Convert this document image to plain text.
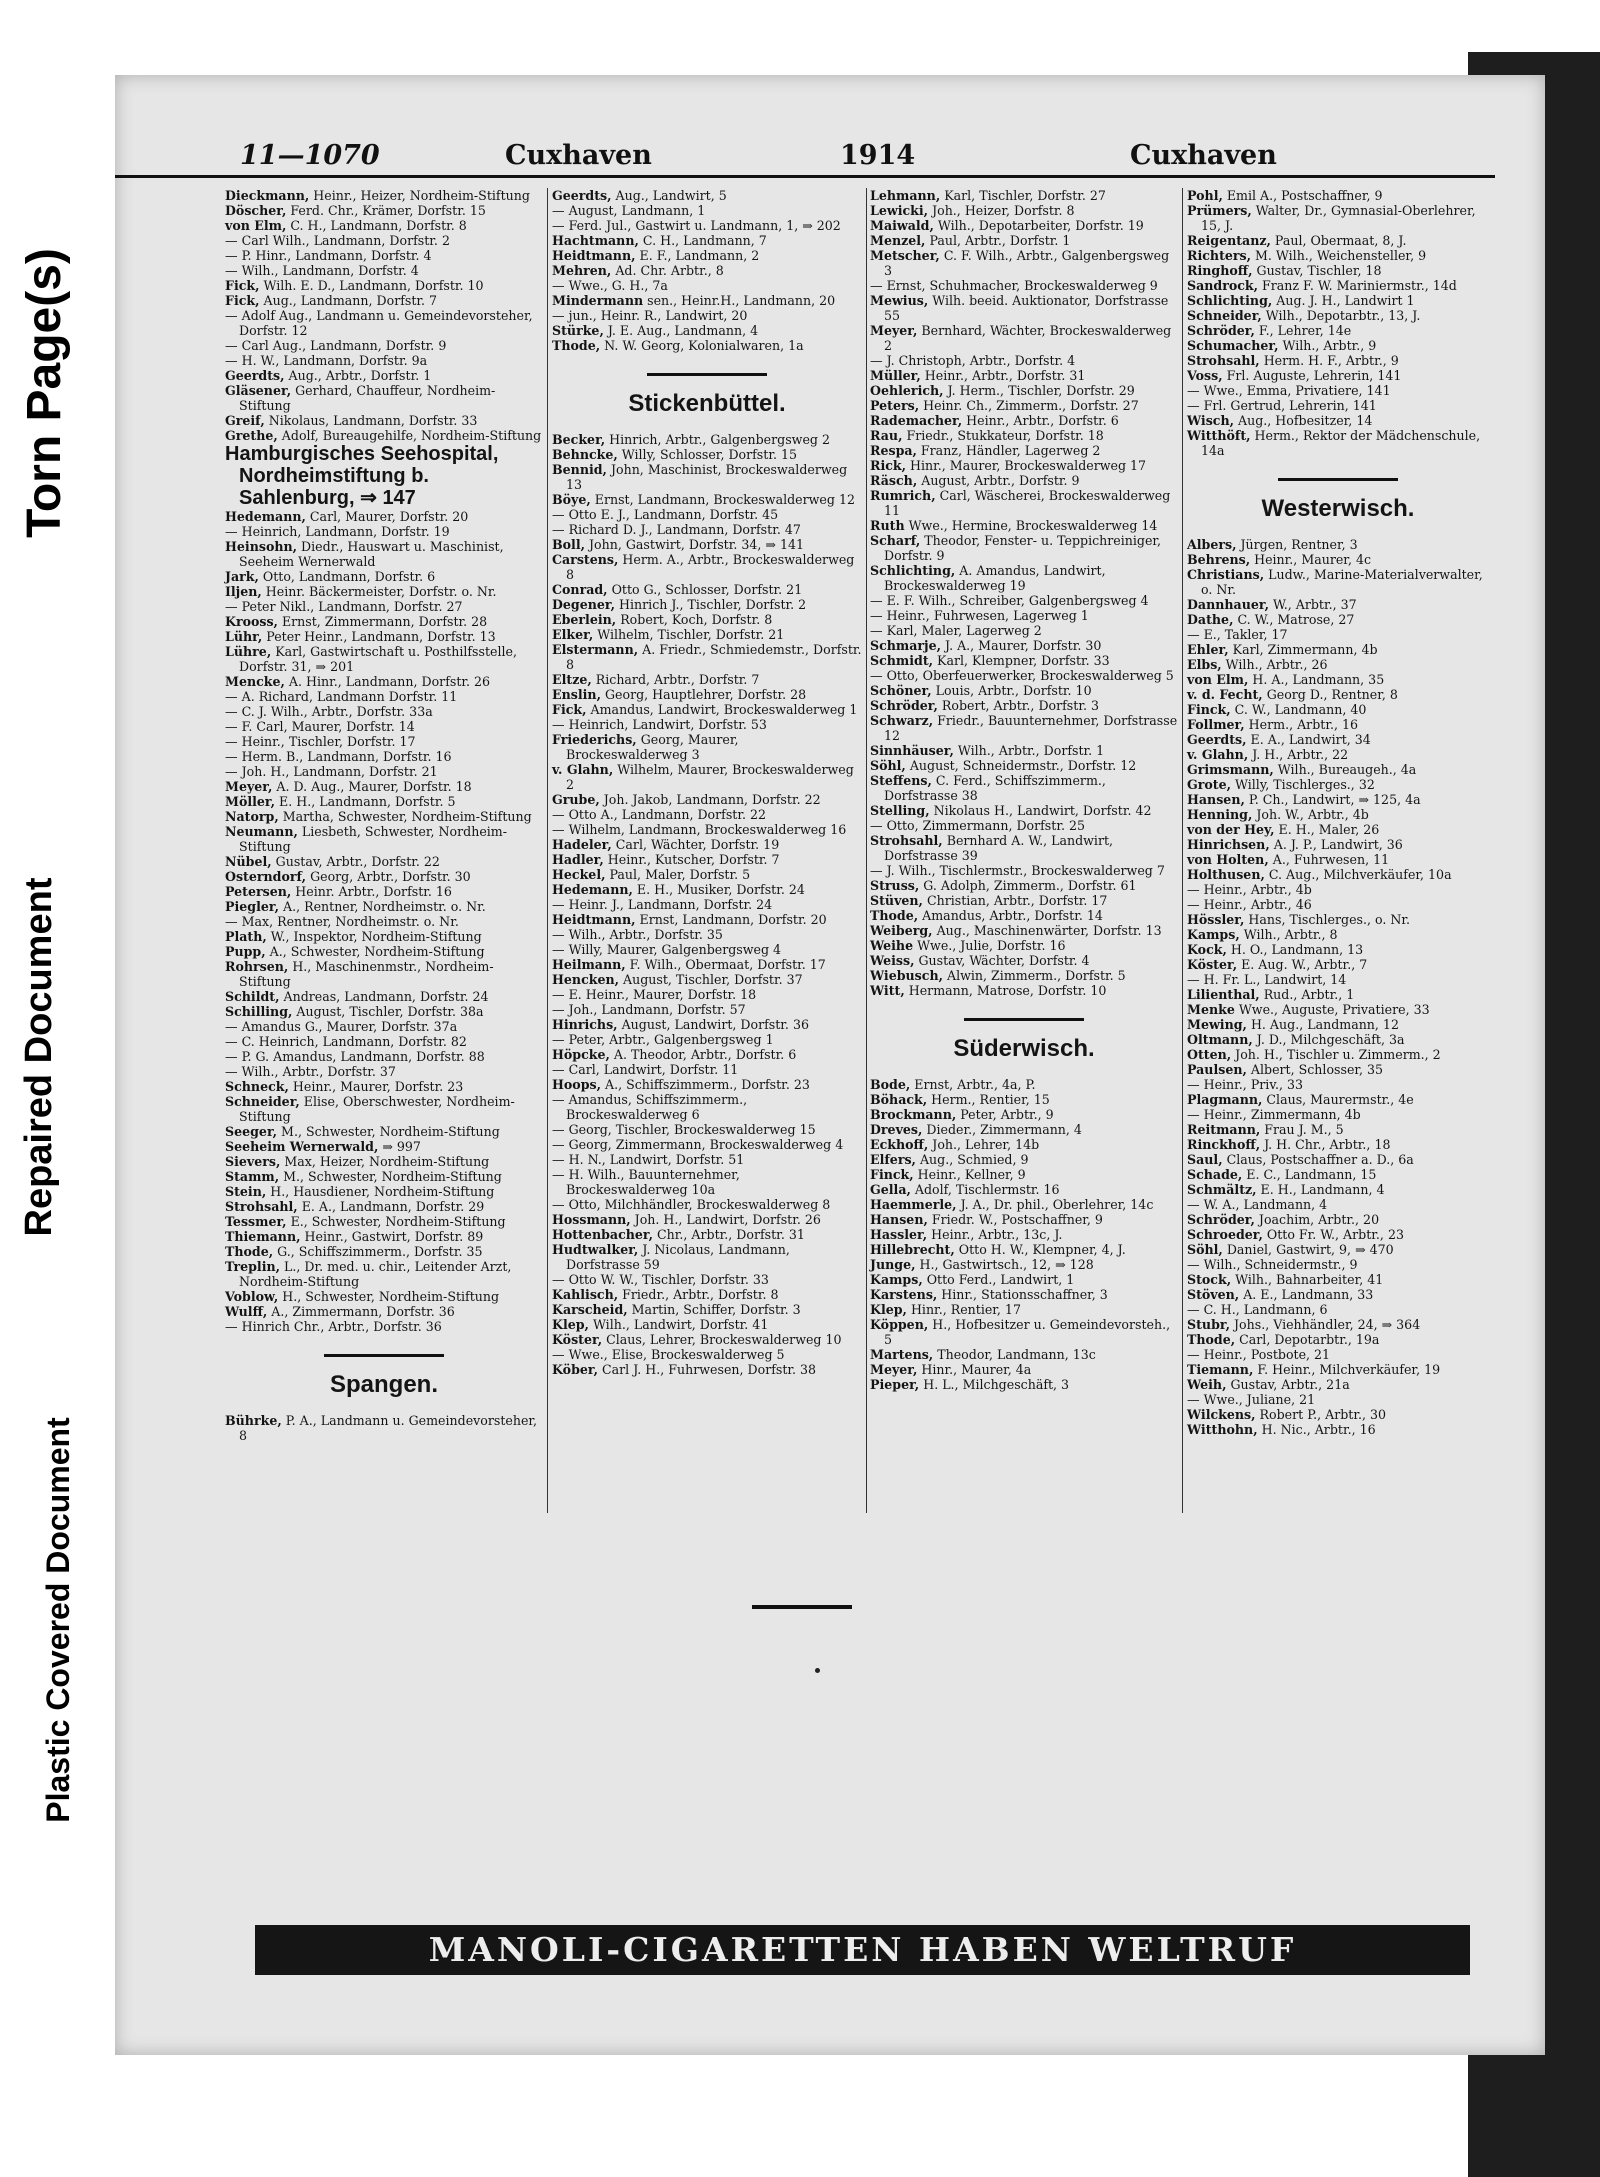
Torn Page(s)
Repaired Document
Plastic Covered Document
11—1070	Cuxhaven	1914	Cuxhaven

Dieckmann, Heinr., Heizer, Nordheim-Stiftung

Döscher, Ferd. Chr., Krämer, Dorfstr. 15

von Elm, C. H., Landmann, Dorfstr. 8

— Carl Wilh., Landmann, Dorfstr. 2

— P. Hinr., Landmann, Dorfstr. 4

— Wilh., Landmann, Dorfstr. 4

Fick, Wilh. E. D., Landmann, Dorfstr. 10

Fick, Aug., Landmann, Dorfstr. 7

— Adolf Aug., Landmann u. Gemeindevorsteher, Dorfstr. 12

— Carl Aug., Landmann, Dorfstr. 9

— H. W., Landmann, Dorfstr. 9a

Geerdts, Aug., Arbtr., Dorfstr. 1

Gläsener, Gerhard, Chauffeur, Nordheim-Stiftung

Greif, Nikolaus, Landmann, Dorfstr. 33

Grethe, Adolf, Bureaugehilfe, Nordheim-Stiftung

Hamburgisches Seehospital, Nordheimstiftung b. Sahlenburg, ⇒ 147

Hedemann, Carl, Maurer, Dorfstr. 20

— Heinrich, Landmann, Dorfstr. 19

Heinsohn, Diedr., Hauswart u. Maschinist, Seeheim Wernerwald

Jark, Otto, Landmann, Dorfstr. 6

Iljen, Heinr. Bäckermeister, Dorfstr. o. Nr.

— Peter Nikl., Landmann, Dorfstr. 27

Krooss, Ernst, Zimmermann, Dorfstr. 28

Lühr, Peter Heinr., Landmann, Dorfstr. 13

Lühre, Karl, Gastwirtschaft u. Posthilfsstelle, Dorfstr. 31, ⇒ 201

Mencke, A. Hinr., Landmann, Dorfstr. 26

— A. Richard, Landmann Dorfstr. 11

— C. J. Wilh., Arbtr., Dorfstr. 33a

— F. Carl, Maurer, Dorfstr. 14

— Heinr., Tischler, Dorfstr. 17

— Herm. B., Landmann, Dorfstr. 16

— Joh. H., Landmann, Dorfstr. 21

Meyer, A. D. Aug., Maurer, Dorfstr. 18

Möller, E. H., Landmann, Dorfstr. 5

Natorp, Martha, Schwester, Nordheim-Stiftung

Neumann, Liesbeth, Schwester, Nordheim-Stiftung

Nübel, Gustav, Arbtr., Dorfstr. 22

Osterndorf, Georg, Arbtr., Dorfstr. 30

Petersen, Heinr. Arbtr., Dorfstr. 16

Piegler, A., Rentner, Nordheimstr. o. Nr.

— Max, Rentner, Nordheimstr. o. Nr.

Plath, W., Inspektor, Nordheim-Stiftung

Pupp, A., Schwester, Nordheim-Stiftung

Rohrsen, H., Maschinenmstr., Nordheim-Stiftung

Schildt, Andreas, Landmann, Dorfstr. 24

Schilling, August, Tischler, Dorfstr. 38a

— Amandus G., Maurer, Dorfstr. 37a

— C. Heinrich, Landmann, Dorfstr. 82

— P. G. Amandus, Landmann, Dorfstr. 88

— Wilh., Arbtr., Dorfstr. 37

Schneck, Heinr., Maurer, Dorfstr. 23

Schneider, Elise, Oberschwester, Nordheim-Stiftung

Seeger, M., Schwester, Nordheim-Stiftung

Seeheim Wernerwald, ⇒ 997

Sievers, Max, Heizer, Nordheim-Stiftung

Stamm, M., Schwester, Nordheim-Stiftung

Stein, H., Hausdiener, Nordheim-Stiftung

Strohsahl, E. A., Landmann, Dorfstr. 29

Tessmer, E., Schwester, Nordheim-Stiftung

Thiemann, Heinr., Gastwirt, Dorfstr. 89

Thode, G., Schiffszimmerm., Dorfstr. 35

Treplin, L., Dr. med. u. chir., Leitender Arzt, Nordheim-Stiftung

Voblow, H., Schwester, Nordheim-Stiftung

Wulff, A., Zimmermann, Dorfstr. 36

— Hinrich Chr., Arbtr., Dorfstr. 36

Spangen.

Bührke, P. A., Landmann u. Gemeindevorsteher, 8

Geerdts, Aug., Landwirt, 5

— August, Landmann, 1

— Ferd. Jul., Gastwirt u. Landmann, 1, ⇒ 202

Hachtmann, C. H., Landmann, 7

Heidtmann, E. F., Landmann, 2

Mehren, Ad. Chr. Arbtr., 8

— Wwe., G. H., 7a

Mindermann sen., Heinr.H., Landmann, 20

— jun., Heinr. R., Landwirt, 20

Stürke, J. E. Aug., Landmann, 4

Thode, N. W. Georg, Kolonialwaren, 1a

Stickenbüttel.

Becker, Hinrich, Arbtr., Galgenbergsweg 2

Behncke, Willy, Schlosser, Dorfstr. 15

Bennid, John, Maschinist, Brockeswalderweg 13

Böye, Ernst, Landmann, Brockeswalderweg 12

— Otto E. J., Landmann, Dorfstr. 45

— Richard D. J., Landmann, Dorfstr. 47

Boll, John, Gastwirt, Dorfstr. 34, ⇒ 141

Carstens, Herm. A., Arbtr., Brockeswalderweg 8

Conrad, Otto G., Schlosser, Dorfstr. 21

Degener, Hinrich J., Tischler, Dorfstr. 2

Eberlein, Robert, Koch, Dorfstr. 8

Elker, Wilhelm, Tischler, Dorfstr. 21

Elstermann, A. Friedr., Schmiedemstr., Dorfstr. 8

Eltze, Richard, Arbtr., Dorfstr. 7

Enslin, Georg, Hauptlehrer, Dorfstr. 28

Fick, Amandus, Landwirt, Brockeswalderweg 1

— Heinrich, Landwirt, Dorfstr. 53

Friederichs, Georg, Maurer, Brockeswalderweg 3

v. Glahn, Wilhelm, Maurer, Brockeswalderweg 2

Grube, Joh. Jakob, Landmann, Dorfstr. 22

— Otto A., Landmann, Dorfstr. 22

— Wilhelm, Landmann, Brockeswalderweg 16

Hadeler, Carl, Wächter, Dorfstr. 19

Hadler, Heinr., Kutscher, Dorfstr. 7

Heckel, Paul, Maler, Dorfstr. 5

Hedemann, E. H., Musiker, Dorfstr. 24

— Heinr. J., Landmann, Dorfstr. 24

Heidtmann, Ernst, Landmann, Dorfstr. 20

— Wilh., Arbtr., Dorfstr. 35

— Willy, Maurer, Galgenbergsweg 4

Heilmann, F. Wilh., Obermaat, Dorfstr. 17

Hencken, August, Tischler, Dorfstr. 37

— E. Heinr., Maurer, Dorfstr. 18

— Joh., Landmann, Dorfstr. 57

Hinrichs, August, Landwirt, Dorfstr. 36

— Peter, Arbtr., Galgenbergsweg 1

Höpcke, A. Theodor, Arbtr., Dorfstr. 6

— Carl, Landwirt, Dorfstr. 11

Hoops, A., Schiffszimmerm., Dorfstr. 23

— Amandus, Schiffszimmerm., Brockeswalderweg 6

— Georg, Tischler, Brockeswalderweg 15

— Georg, Zimmermann, Brockeswalderweg 4

— H. N., Landwirt, Dorfstr. 51

— H. Wilh., Bauunternehmer, Brockeswalderweg 10a

— Otto, Milchhändler, Brockeswalderweg 8

Hossmann, Joh. H., Landwirt, Dorfstr. 26

Hottenbacher, Chr., Arbtr., Dorfstr. 31

Hudtwalker, J. Nicolaus, Landmann, Dorfstrasse 59

— Otto W. W., Tischler, Dorfstr. 33

Kahlisch, Friedr., Arbtr., Dorfstr. 8

Karscheid, Martin, Schiffer, Dorfstr. 3

Klep, Wilh., Landwirt, Dorfstr. 41

Köster, Claus, Lehrer, Brockeswalderweg 10

— Wwe., Elise, Brockeswalderweg 5

Köber, Carl J. H., Fuhrwesen, Dorfstr. 38

Lehmann, Karl, Tischler, Dorfstr. 27

Lewicki, Joh., Heizer, Dorfstr. 8

Maiwald, Wilh., Depotarbeiter, Dorfstr. 19

Menzel, Paul, Arbtr., Dorfstr. 1

Metscher, C. F. Wilh., Arbtr., Galgenbergsweg 3

— Ernst, Schuhmacher, Brockeswalderweg 9

Mewius, Wilh. beeid. Auktionator, Dorfstrasse 55

Meyer, Bernhard, Wächter, Brockeswalderweg 2

— J. Christoph, Arbtr., Dorfstr. 4

Müller, Heinr., Arbtr., Dorfstr. 31

Oehlerich, J. Herm., Tischler, Dorfstr. 29

Peters, Heinr. Ch., Zimmerm., Dorfstr. 27

Rademacher, Heinr., Arbtr., Dorfstr. 6

Rau, Friedr., Stukkateur, Dorfstr. 18

Respa, Franz, Händler, Lagerweg 2

Rick, Hinr., Maurer, Brockeswalderweg 17

Räsch, August, Arbtr., Dorfstr. 9

Rumrich, Carl, Wäscherei, Brockeswalderweg 11

Ruth Wwe., Hermine, Brockeswalderweg 14

Scharf, Theodor, Fenster- u. Teppichreiniger, Dorfstr. 9

Schlichting, A. Amandus, Landwirt, Brockeswalderweg 19

— E. F. Wilh., Schreiber, Galgenbergsweg 4

— Heinr., Fuhrwesen, Lagerweg 1

— Karl, Maler, Lagerweg 2

Schmarje, J. A., Maurer, Dorfstr. 30

Schmidt, Karl, Klempner, Dorfstr. 33

— Otto, Oberfeuerwerker, Brockeswalderweg 5

Schöner, Louis, Arbtr., Dorfstr. 10

Schröder, Robert, Arbtr., Dorfstr. 3

Schwarz, Friedr., Bauunternehmer, Dorfstrasse 12

Sinnhäuser, Wilh., Arbtr., Dorfstr. 1

Söhl, August, Schneidermstr., Dorfstr. 12

Steffens, C. Ferd., Schiffszimmerm., Dorfstrasse 38

Stelling, Nikolaus H., Landwirt, Dorfstr. 42

— Otto, Zimmermann, Dorfstr. 25

Strohsahl, Bernhard A. W., Landwirt, Dorfstrasse 39

— J. Wilh., Tischlermstr., Brockeswalderweg 7

Struss, G. Adolph, Zimmerm., Dorfstr. 61

Stüven, Christian, Arbtr., Dorfstr. 17

Thode, Amandus, Arbtr., Dorfstr. 14

Weiberg, Aug., Maschinenwärter, Dorfstr. 13

Weihe Wwe., Julie, Dorfstr. 16

Weiss, Gustav, Wächter, Dorfstr. 4

Wiebusch, Alwin, Zimmerm., Dorfstr. 5

Witt, Hermann, Matrose, Dorfstr. 10

Süderwisch.

Bode, Ernst, Arbtr., 4a, P.

Böhack, Herm., Rentier, 15

Brockmann, Peter, Arbtr., 9

Dreves, Dieder., Zimmermann, 4

Eckhoff, Joh., Lehrer, 14b

Elfers, Aug., Schmied, 9

Finck, Heinr., Kellner, 9

Gella, Adolf, Tischlermstr. 16

Haemmerle, J. A., Dr. phil., Oberlehrer, 14c

Hansen, Friedr. W., Postschaffner, 9

Hassler, Heinr., Arbtr., 13c, J.

Hillebrecht, Otto H. W., Klempner, 4, J.

Junge, H., Gastwirtsch., 12, ⇒ 128

Kamps, Otto Ferd., Landwirt, 1

Karstens, Hinr., Stationsschaffner, 3

Klep, Hinr., Rentier, 17

Köppen, H., Hofbesitzer u. Gemeindevorsteh., 5

Martens, Theodor, Landmann, 13c

Meyer, Hinr., Maurer, 4a

Pieper, H. L., Milchgeschäft, 3

Pohl, Emil A., Postschaffner, 9

Prümers, Walter, Dr., Gymnasial-Oberlehrer, 15, J.

Reigentanz, Paul, Obermaat, 8, J.

Richters, M. Wilh., Weichensteller, 9

Ringhoff, Gustav, Tischler, 18

Sandrock, Franz F. W. Mariniermstr., 14d

Schlichting, Aug. J. H., Landwirt 1

Schneider, Wilh., Depotarbtr., 13, J.

Schröder, F., Lehrer, 14e

Schumacher, Wilh., Arbtr., 9

Strohsahl, Herm. H. F., Arbtr., 9

Voss, Frl. Auguste, Lehrerin, 141

— Wwe., Emma, Privatiere, 141

— Frl. Gertrud, Lehrerin, 141

Wisch, Aug., Hofbesitzer, 14

Witthöft, Herm., Rektor der Mädchenschule, 14a

Westerwisch.

Albers, Jürgen, Rentner, 3

Behrens, Heinr., Maurer, 4c

Christians, Ludw., Marine-Materialverwalter, o. Nr.

Dannhauer, W., Arbtr., 37

Dathe, C. W., Matrose, 27

— E., Takler, 17

Ehler, Karl, Zimmermann, 4b

Elbs, Wilh., Arbtr., 26

von Elm, H. A., Landmann, 35

v. d. Fecht, Georg D., Rentner, 8

Finck, C. W., Landmann, 40

Follmer, Herm., Arbtr., 16

Geerdts, E. A., Landwirt, 34

v. Glahn, J. H., Arbtr., 22

Grimsmann, Wilh., Bureaugeh., 4a

Grote, Willy, Tischlerges., 32

Hansen, P. Ch., Landwirt, ⇒ 125, 4a

Henning, Joh. W., Arbtr., 4b

von der Hey, E. H., Maler, 26

Hinrichsen, A. J. P., Landwirt, 36

von Holten, A., Fuhrwesen, 11

Holthusen, C. Aug., Milchverkäufer, 10a

— Heinr., Arbtr., 4b

— Heinr., Arbtr., 46

Hössler, Hans, Tischlerges., o. Nr.

Kamps, Wilh., Arbtr., 8

Kock, H. O., Landmann, 13

Köster, E. Aug. W., Arbtr., 7

— H. Fr. L., Landwirt, 14

Lilienthal, Rud., Arbtr., 1

Menke Wwe., Auguste, Privatiere, 33

Mewing, H. Aug., Landmann, 12

Oltmann, J. D., Milchgeschäft, 3a

Otten, Joh. H., Tischler u. Zimmerm., 2

Paulsen, Albert, Schlosser, 35

— Heinr., Priv., 33

Plagmann, Claus, Maurermstr., 4e

— Heinr., Zimmermann, 4b

Reitmann, Frau J. M., 5

Rinckhoff, J. H. Chr., Arbtr., 18

Saul, Claus, Postschaffner a. D., 6a

Schade, E. C., Landmann, 15

Schmältz, E. H., Landmann, 4

— W. A., Landmann, 4

Schröder, Joachim, Arbtr., 20

Schroeder, Otto Fr. W., Arbtr., 23

Söhl, Daniel, Gastwirt, 9, ⇒ 470

— Wilh., Schneidermstr., 9

Stock, Wilh., Bahnarbeiter, 41

Stöven, A. E., Landmann, 33

— C. H., Landmann, 6

Stubr, Johs., Viehhändler, 24, ⇒ 364

Thode, Carl, Depotarbtr., 19a

— Heinr., Postbote, 21

Tiemann, F. Heinr., Milchverkäufer, 19

Weih, Gustav, Arbtr., 21a

— Wwe., Juliane, 21

Wilckens, Robert P., Arbtr., 30

Witthohn, H. Nic., Arbtr., 16

MANOLI-CIGARETTEN HABEN WELTRUF
